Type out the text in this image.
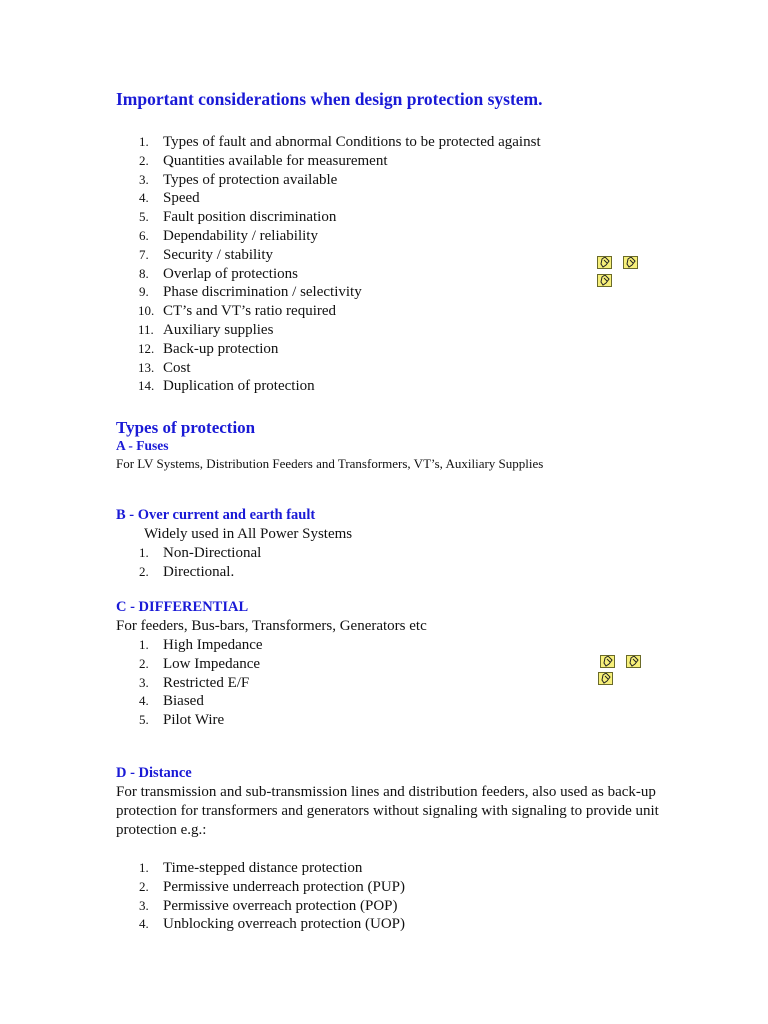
Important considerations when design protection system.
1. Types of fault and abnormal Conditions to be protected against
2. Quantities available for measurement
3. Types of protection available
4. Speed
5. Fault position discrimination
6. Dependability / reliability
7. Security / stability
8. Overlap of protections
9. Phase discrimination / selectivity
10. CT’s and VT’s ratio required
11. Auxiliary supplies
12. Back-up protection
13. Cost
14. Duplication of protection
Types of protection
A - Fuses
For LV Systems, Distribution Feeders and Transformers, VT’s, Auxiliary Supplies
B - Over current and earth fault
Widely used in All Power Systems
1. Non-Directional
2. Directional.
C - DIFFERENTIAL
For feeders, Bus-bars, Transformers, Generators etc
1. High Impedance
2. Low Impedance
3. Restricted E/F
4. Biased
5. Pilot Wire
D - Distance
For transmission and sub-transmission lines and distribution feeders, also used as back-up protection for transformers and generators without signaling with signaling to provide unit protection e.g.:
1. Time-stepped distance protection
2. Permissive underreach protection (PUP)
3. Permissive overreach protection (POP)
4. Unblocking overreach protection (UOP)
